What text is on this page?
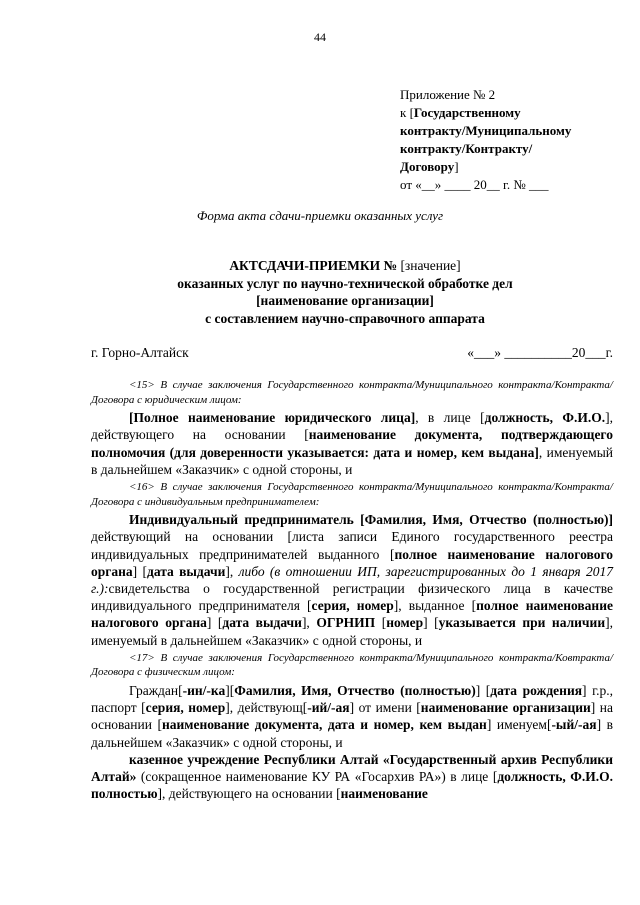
44
Приложение № 2
к [Государственному
контракту/Муниципальному
контракту/Контракту/
Договору]
от «__» ____ 20__ г. № ___
Форма акта сдачи-приемки оказанных услуг
АКТСДАЧИ-ПРИЕМКИ № [значение]
оказанных услуг по научно-технической обработке дел
[наименование организации]
с составлением научно-справочного аппарата
г. Горно-Алтайск	«___» __________20___г.

<15> В случае заключения Государственного контракта/Муниципального контракта/Контракта/Договора с юридическим лицом:

[Полное наименование юридического лица], в лице [должность, Ф.И.О.], действующего на основании [наименование документа, подтверждающего полномочия (для доверенности указывается: дата и номер, кем выдана], именуемый в дальнейшем «Заказчик» с одной стороны, и

<16> В случае заключения Государственного контракта/Муниципального контракта/Контракта/Договора с индивидуальным предпринимателем:

Индивидуальный предприниматель [Фамилия, Имя, Отчество (полностью)] действующий на основании [листа записи Единого государственного реестра индивидуальных предпринимателей выданного [полное наименование налогового органа] [дата выдачи], либо (в отношении ИП, зарегистрированных до 1 января 2017 г.):свидетельства о государственной регистрации физического лица в качестве индивидуального предпринимателя [серия, номер], выданное [полное наименование налогового органа] [дата выдачи], ОГРНИП [номер] [указывается при наличии], именуемый в дальнейшем «Заказчик» с одной стороны, и

<17> В случае заключения Государственного контракта/Муниципального контракта/Ковтракта/Договора с физическим лицом:

Граждан[-ин/-ка][Фамилия, Имя, Отчество (полностью)] [дата рождения] г.р., паспорт [серия, номер], действующ[-ий/-ая] от имени [наименование организации] на основании [наименование документа, дата и номер, кем выдан] именуем[-ый/-ая] в дальнейшем «Заказчик» с одной стороны, и

казенное учреждение Республики Алтай «Государственный архив Республики Алтай» (сокращенное наименование КУ РА «Госархив РА») в лице [должность, Ф.И.О. полностью], действующего на основании [наименование
